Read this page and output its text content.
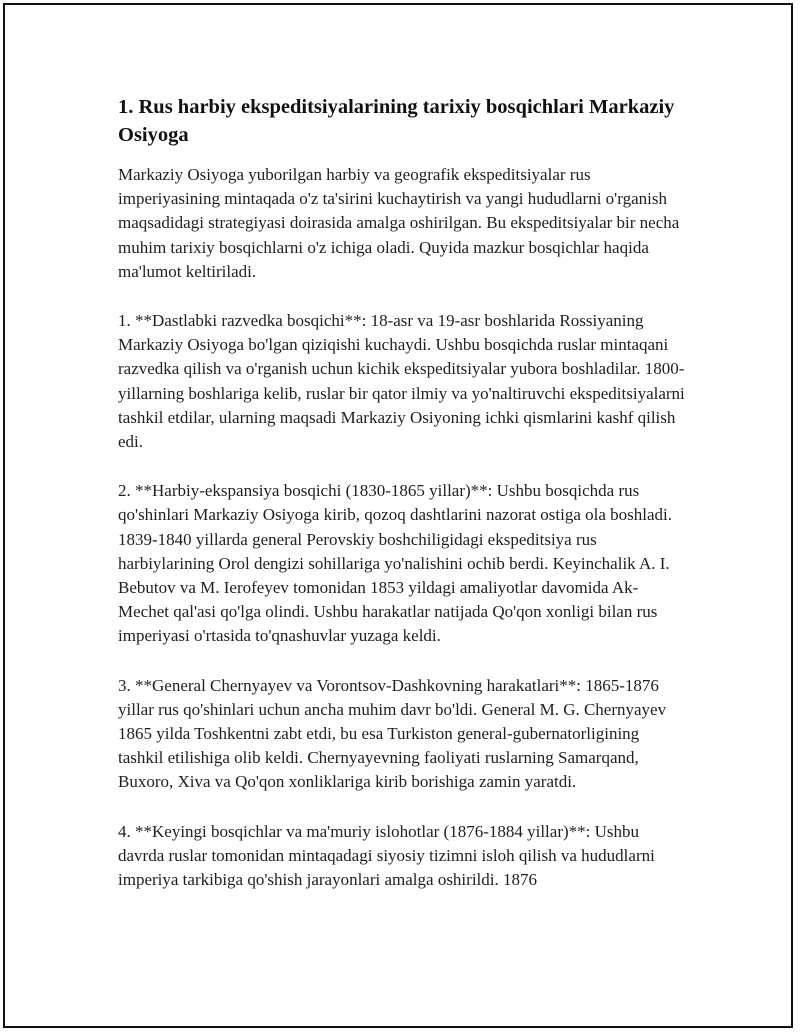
1. Rus harbiy ekspeditsiyalarining tarixiy bosqichlari Markaziy Osiyoga

Markaziy Osiyoga yuborilgan harbiy va geografik ekspeditsiyalar rus imperiyasining mintaqada o'z ta'sirini kuchaytirish va yangi hududlarni o'rganish maqsadidagi strategiyasi doirasida amalga oshirilgan. Bu ekspeditsiyalar bir necha muhim tarixiy bosqichlarni o'z ichiga oladi. Quyida mazkur bosqichlar haqida ma'lumot keltiriladi.

1. **Dastlabki razvedka bosqichi**: 18-asr va 19-asr boshlarida Rossiyaning Markaziy Osiyoga bo'lgan qiziqishi kuchaydi. Ushbu bosqichda ruslar mintaqani razvedka qilish va o'rganish uchun kichik ekspeditsiyalar yubora boshladilar. 1800-yillarning boshlariga kelib, ruslar bir qator ilmiy va yo'naltiruvchi ekspeditsiyalarni tashkil etdilar, ularning maqsadi Markaziy Osiyoning ichki qismlarini kashf qilish edi.

2. **Harbiy-ekspansiya bosqichi (1830-1865 yillar)**: Ushbu bosqichda rus qo'shinlari Markaziy Osiyoga kirib, qozoq dashtlarini nazorat ostiga ola boshladi. 1839-1840 yillarda general Perovskiy boshchiligidagi ekspeditsiya rus harbiylarining Orol dengizi sohillariga yo'nalishini ochib berdi. Keyinchalik A. I. Bebutov va M. Ierofeyev tomonidan 1853 yildagi amaliyotlar davomida Ak-Mechet qal'asi qo'lga olindi. Ushbu harakatlar natijada Qo'qon xonligi bilan rus imperiyasi o'rtasida to'qnashuvlar yuzaga keldi.

3. **General Chernyayev va Vorontsov-Dashkovning harakatlari**: 1865-1876 yillar rus qo'shinlari uchun ancha muhim davr bo'ldi. General M. G. Chernyayev 1865 yilda Toshkentni zabt etdi, bu esa Turkiston general-gubernatorligining tashkil etilishiga olib keldi. Chernyayevning faoliyati ruslarning Samarqand, Buxoro, Xiva va Qo'qon xonliklariga kirib borishiga zamin yaratdi.

4. **Keyingi bosqichlar va ma'muriy islohotlar (1876-1884 yillar)**: Ushbu davrda ruslar tomonidan mintaqadagi siyosiy tizimni isloh qilish va hududlarni imperiya tarkibiga qo'shish jarayonlari amalga oshirildi. 1876
